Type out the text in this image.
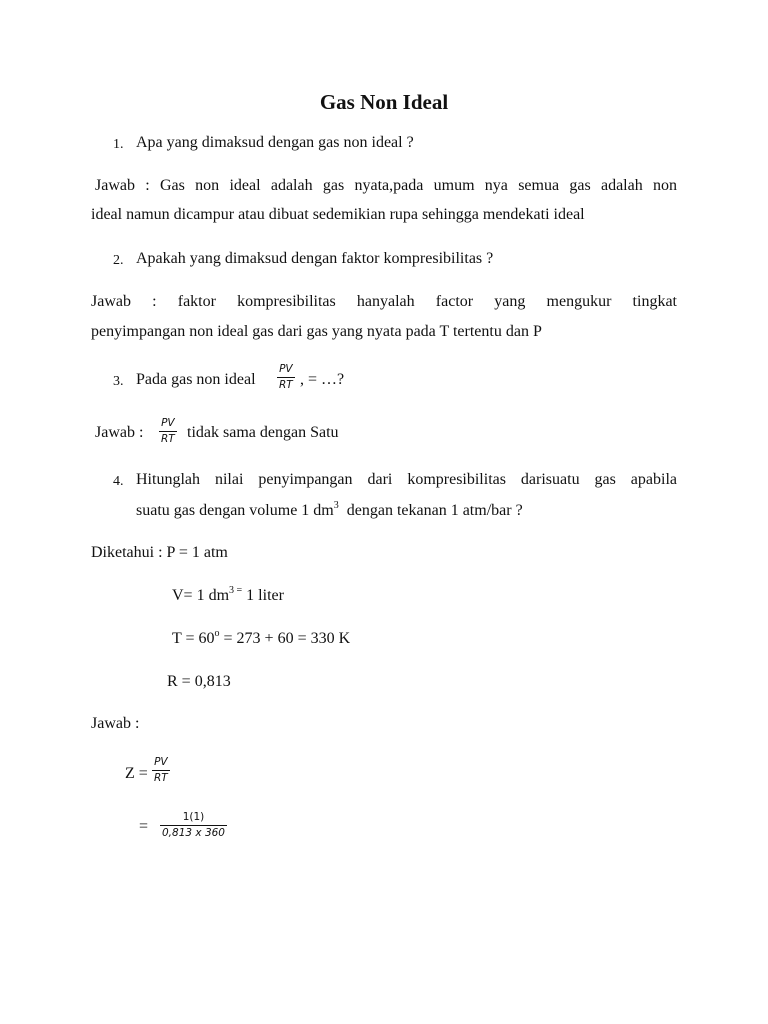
Gas Non Ideal
1. Apa yang dimaksud dengan gas non ideal ?
Jawab : Gas non ideal adalah gas nyata,pada umum nya semua gas adalah non
ideal namun dicampur atau dibuat sedemikian rupa sehingga mendekati ideal
2. Apakah yang dimaksud dengan faktor kompresibilitas ?
Jawab : faktor kompresibilitas hanyalah factor yang mengukur tingkat
penyimpangan non ideal gas dari gas yang nyata pada T tertentu dan P
3. Pada gas non ideal
PV
RT , = …?
Jawab :
PV
RT tidak sama dengan Satu
4. Hitunglah nilai penyimpangan dari kompresibilitas darisuatu gas apabila
suatu gas dengan volume 1 $dm^3$ dengan tekanan 1 atm/bar ?
Diketahui : P = 1 atm
V= 1 $dm^{3 =}$ 1 liter
$T = 60^o = 273 + 60 = 330$ K
R = 0,813
Jawab :
Z =
PV
RT
=
1(1)
0,813 x 360
